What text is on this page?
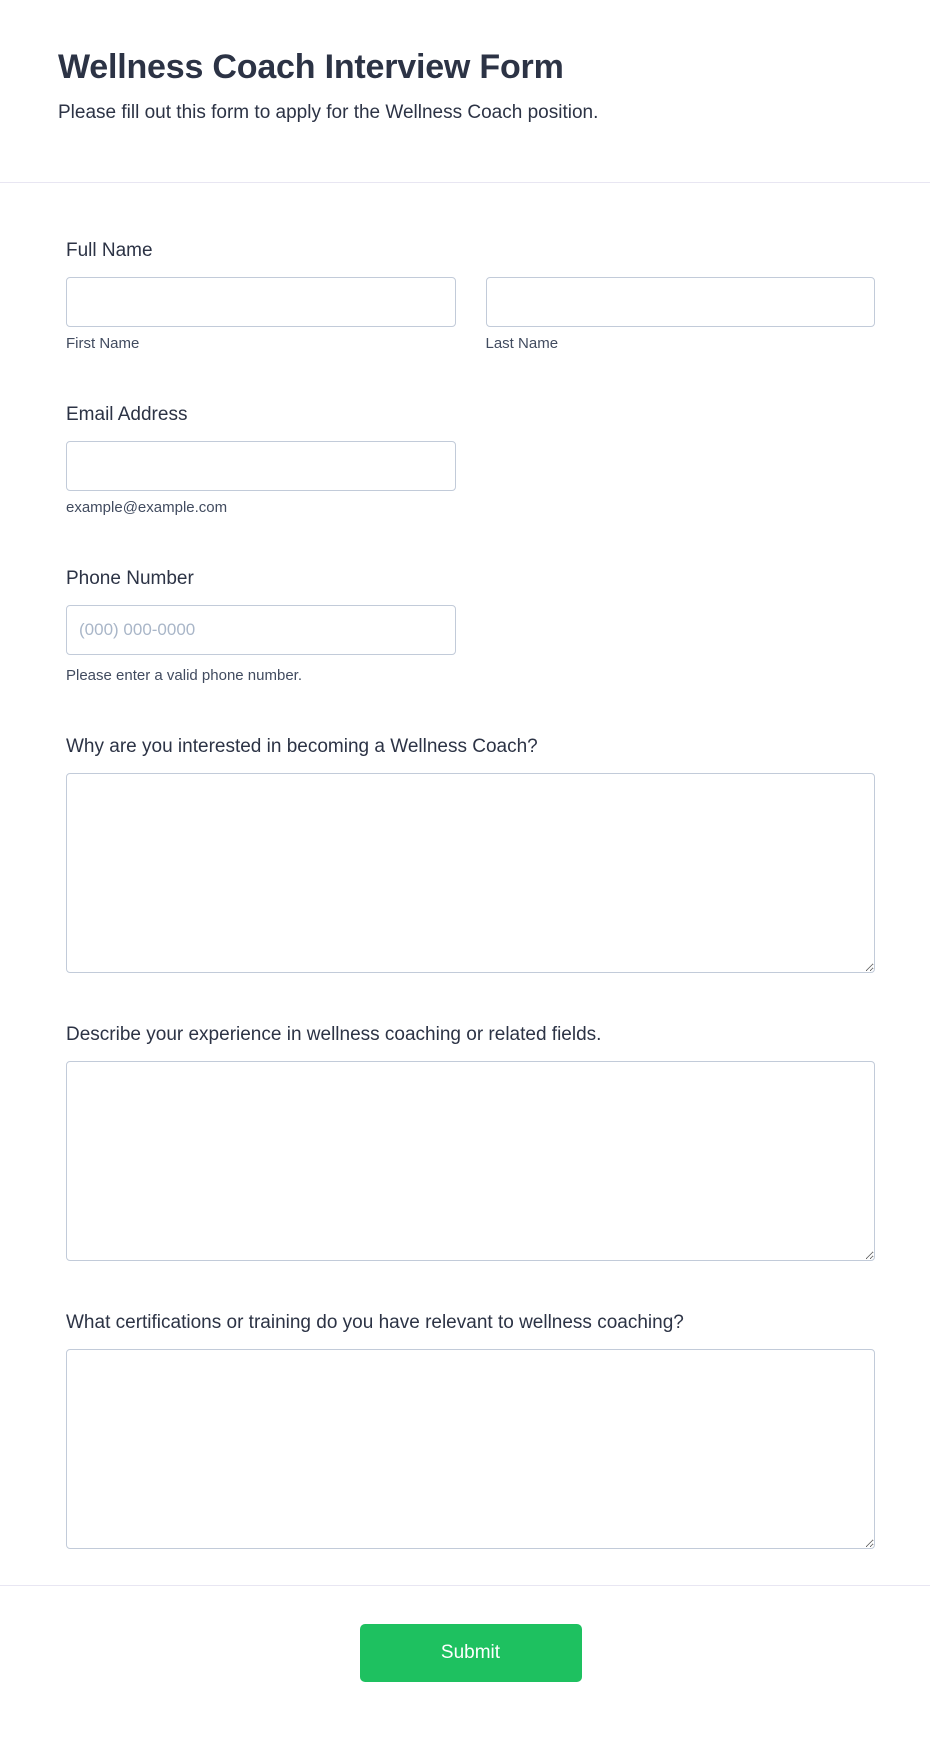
Wellness Coach Interview Form

Please fill out this form to apply for the Wellness Coach position.

Full Name
First Name	Last Name
Email Address
example@example.com
Phone Number
(000) 000-0000
Please enter a valid phone number.
Why are you interested in becoming a Wellness Coach?
Describe your experience in wellness coaching or related fields.
What certifications or training do you have relevant to wellness coaching?
Submit
